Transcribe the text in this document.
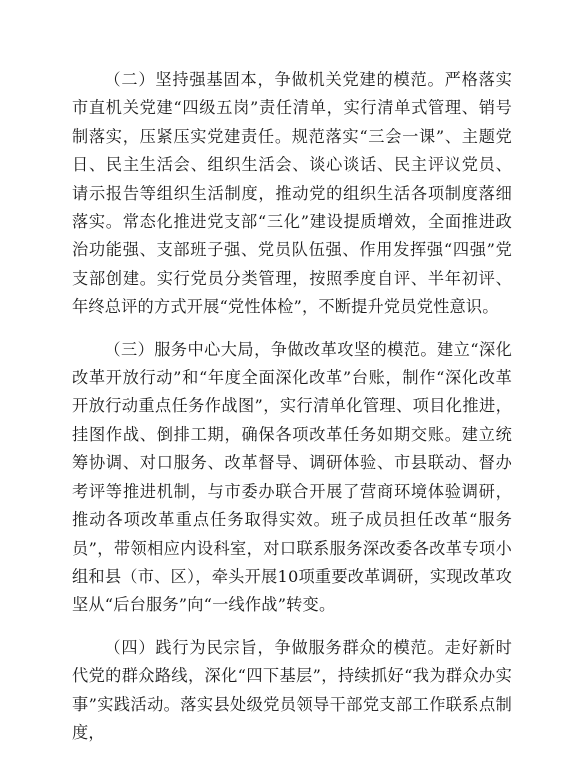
（二）坚持强基固本，争做机关党建的模范。严格落实市直机关党建“四级五岗”责任清单，实行清单式管理、销号制落实，压紧压实党建责任。规范落实“三会一课”、主题党日、民主生活会、组织生活会、谈心谈话、民主评议党员、请示报告等组织生活制度，推动党的组织生活各项制度落细落实。常态化推进党支部“三化”建设提质增效，全面推进政治功能强、支部班子强、党员队伍强、作用发挥强“四强”党支部创建。实行党员分类管理，按照季度自评、半年初评、年终总评的方式开展“党性体检”，不断提升党员党性意识。

（三）服务中心大局，争做改革攻坚的模范。建立“深化改革开放行动”和“年度全面深化改革”台账，制作“深化改革开放行动重点任务作战图”，实行清单化管理、项目化推进，挂图作战、倒排工期，确保各项改革任务如期交账。建立统筹协调、对口服务、改革督导、调研体验、市县联动、督办考评等推进机制，与市委办联合开展了营商环境体验调研，推动各项改革重点任务取得实效。班子成员担任改革“服务员”，带领相应内设科室，对口联系服务深改委各改革专项小组和县（市、区），牵头开展10项重要改革调研，实现改革攻坚从“后台服务”向“一线作战”转变。

（四）践行为民宗旨，争做服务群众的模范。走好新时代党的群众路线，深化“四下基层”，持续抓好“我为群众办实事”实践活动。落实县处级党员领导干部党支部工作联系点制度，
